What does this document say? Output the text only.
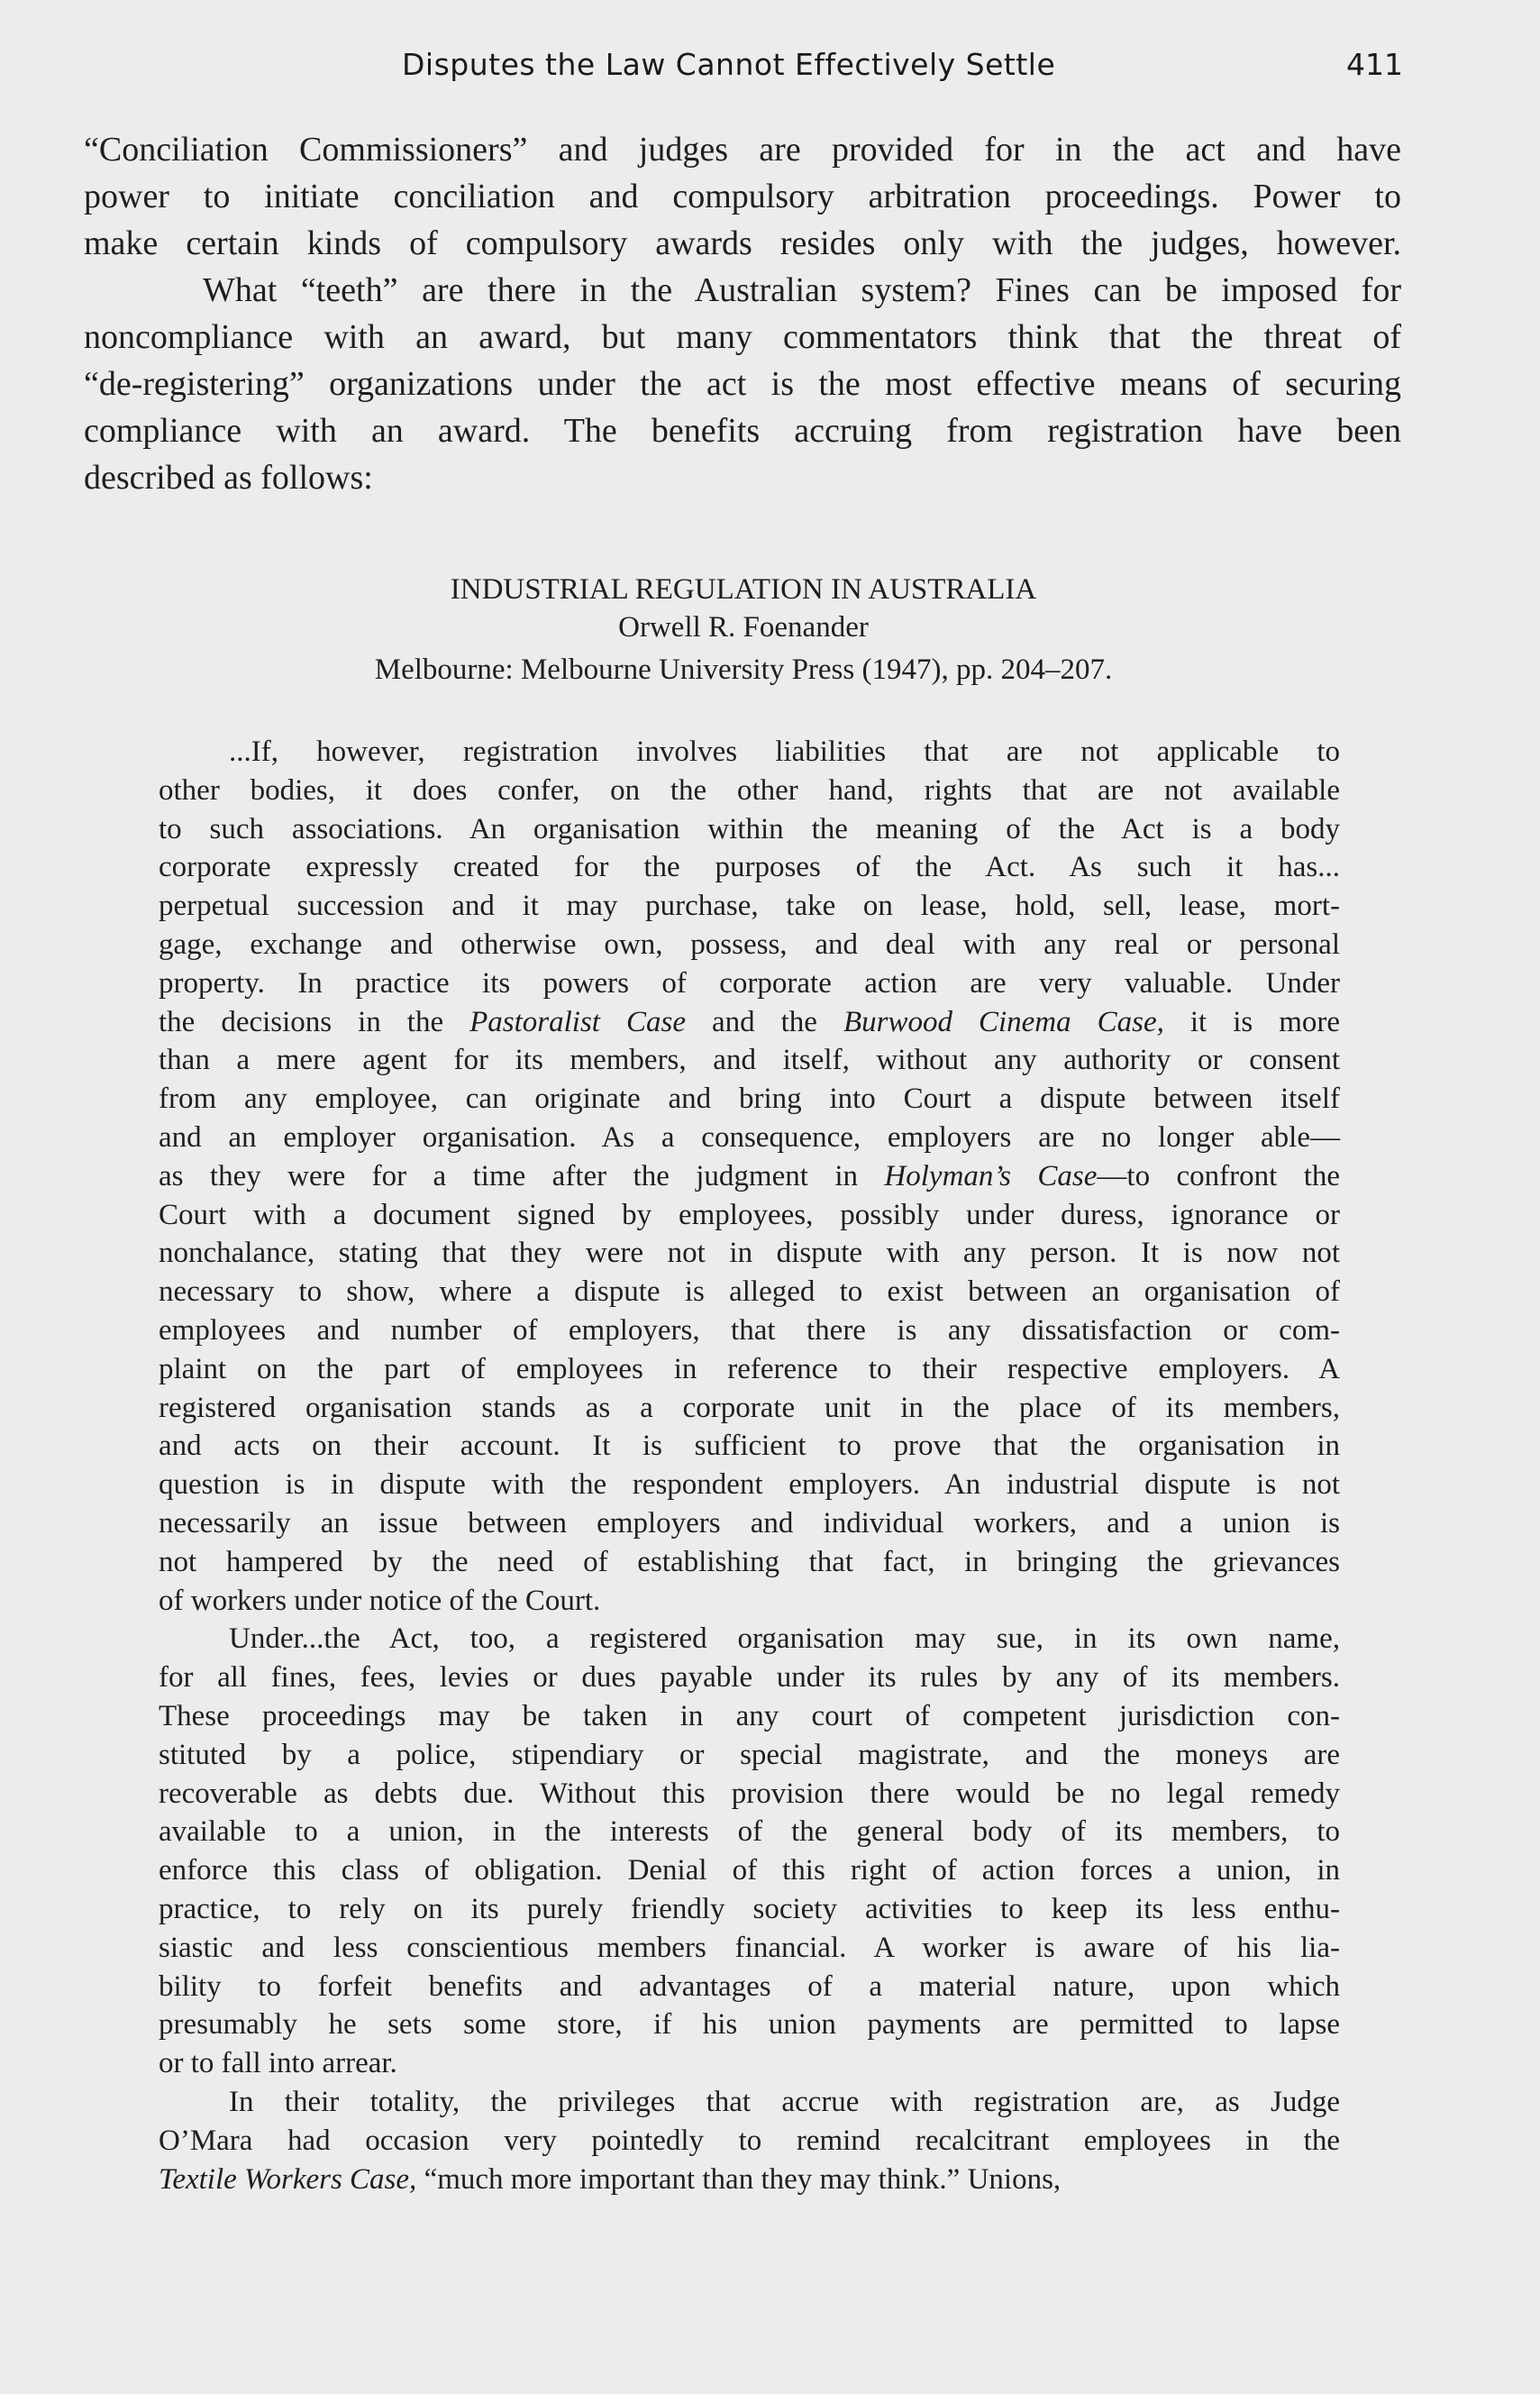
Disputes the Law Cannot Effectively Settle	411
“Conciliation Commissioners” and judges are provided for in the act and have
power to initiate conciliation and compulsory arbitration proceedings. Power to
make certain kinds of compulsory awards resides only with the judges, however.
What “teeth” are there in the Australian system? Fines can be imposed for
noncompliance with an award, but many commentators think that the threat of
“de-registering” organizations under the act is the most effective means of securing
compliance with an award. The benefits accruing from registration have been
described as follows:
INDUSTRIAL REGULATION IN AUSTRALIA
Orwell R. Foenander
Melbourne: Melbourne University Press (1947), pp. 204–207.
...If, however, registration involves liabilities that are not applicable to
other bodies, it does confer, on the other hand, rights that are not available
to such associations. An organisation within the meaning of the Act is a body
corporate expressly created for the purposes of the Act. As such it has...
perpetual succession and it may purchase, take on lease, hold, sell, lease, mort-
gage, exchange and otherwise own, possess, and deal with any real or personal
property. In practice its powers of corporate action are very valuable. Under
the decisions in the Pastoralist Case and the Burwood Cinema Case, it is more
than a mere agent for its members, and itself, without any authority or consent
from any employee, can originate and bring into Court a dispute between itself
and an employer organisation. As a consequence, employers are no longer able—
as they were for a time after the judgment in Holyman’s Case—to confront the
Court with a document signed by employees, possibly under duress, ignorance or
nonchalance, stating that they were not in dispute with any person. It is now not
necessary to show, where a dispute is alleged to exist between an organisation of
employees and number of employers, that there is any dissatisfaction or com-
plaint on the part of employees in reference to their respective employers. A
registered organisation stands as a corporate unit in the place of its members,
and acts on their account. It is sufficient to prove that the organisation in
question is in dispute with the respondent employers. An industrial dispute is not
necessarily an issue between employers and individual workers, and a union is
not hampered by the need of establishing that fact, in bringing the grievances
of workers under notice of the Court.
Under...the Act, too, a registered organisation may sue, in its own name,
for all fines, fees, levies or dues payable under its rules by any of its members.
These proceedings may be taken in any court of competent jurisdiction con-
stituted by a police, stipendiary or special magistrate, and the moneys are
recoverable as debts due. Without this provision there would be no legal remedy
available to a union, in the interests of the general body of its members, to
enforce this class of obligation. Denial of this right of action forces a union, in
practice, to rely on its purely friendly society activities to keep its less enthu-
siastic and less conscientious members financial. A worker is aware of his lia-
bility to forfeit benefits and advantages of a material nature, upon which
presumably he sets some store, if his union payments are permitted to lapse
or to fall into arrear.
In their totality, the privileges that accrue with registration are, as Judge
O’Mara had occasion very pointedly to remind recalcitrant employees in the
Textile Workers Case, “much more important than they may think.” Unions,
